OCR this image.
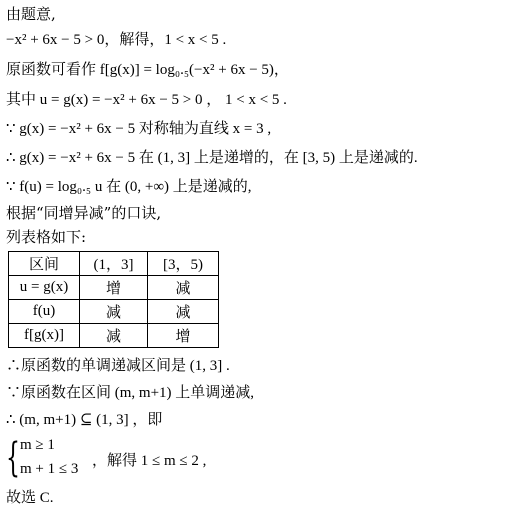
由题意,
−x² + 6x − 5 > 0，解得，1 < x < 5 .
原函数可看作 f[g(x)] = log₀.₅(−x² + 6x − 5)，
其中 u = g(x) = −x² + 6x − 5 > 0 ， 1 < x < 5 .
∵ g(x) = −x² + 6x − 5 对称轴为直线 x = 3 ,
∴ g(x) = −x² + 6x − 5 在 (1, 3] 上是递增的，在 [3, 5) 上是递减的.
∵ f(u) = log₀.₅ u 在 (0, +∞) 上是递减的,
根据“同增异减”的口诀,
列表格如下:
区间	(1，3]	[3，5)
u = g(x)	增	减
f(u)	减	减
f[g(x)]	减	增
∴原函数的单调递减区间是 (1, 3] .
∵原函数在区间 (m, m+1) 上单调递减,
∴ (m, m+1) ⊆ (1, 3] ，即
{ m ≥ 1
m + 1 ≤ 3 ，解得 1 ≤ m ≤ 2 ,
故选 C.
